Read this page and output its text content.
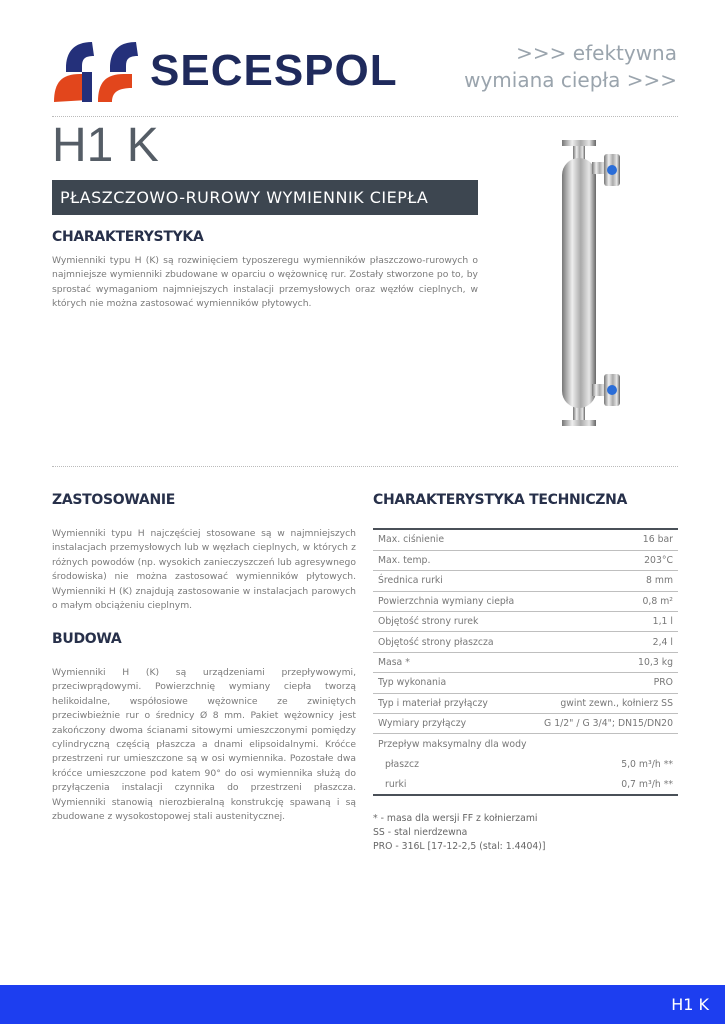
SECESPOL	>>> efektywna
wymiana ciepła >>>
H1 K
PŁASZCZOWO-RUROWY WYMIENNIK CIEPŁA
CHARAKTERYSTYKA
Wymienniki typu H (K) są rozwinięciem typoszeregu wymienników płaszczowo-rurowych o najmniejsze wymienniki zbudowane w oparciu o wężownicę rur. Zostały stworzone po to, by sprostać wymaganiom najmniejszych instalacji przemysłowych oraz węzłów cieplnych, w których nie można zastosować wymienników płytowych.
ZASTOSOWANIE
Wymienniki typu H najczęściej stosowane są w najmniejszych instalacjach przemysłowych lub w węzłach cieplnych, w których z różnych powodów (np. wysokich zanieczyszczeń lub agresywnego środowiska) nie można zastosować wymienników płytowych. Wymienniki H (K) znajdują zastosowanie w instalacjach parowych o małym obciążeniu cieplnym.
BUDOWA
Wymienniki H (K) są urządzeniami przepływowymi, przeciwprądowymi. Powierzchnię wymiany ciepła tworzą helikoidalne, współosiowe wężownice ze zwiniętych przeciwbieżnie rur o średnicy Ø 8 mm. Pakiet wężownicy jest zakończony dwoma ścianami sitowymi umieszczonymi pomiędzy cylindryczną częścią płaszcza a dnami elipsoidalnymi. Króćce przestrzeni rur umieszczone są w osi wymiennika. Pozostałe dwa króćce umieszczone pod katem 90° do osi wymiennika służą do przyłączenia instalacji czynnika do przestrzeni płaszcza. Wymienniki stanowią nierozbieralną konstrukcję spawaną i są zbudowane z wysokostopowej stali austenitycznej.
CHARAKTERYSTYKA TECHNICZNA
Max. ciśnienie	16 bar
Max. temp.	203°C
Średnica rurki	8 mm
Powierzchnia wymiany ciepła	0,8 m²
Objętość strony rurek	1,1 l
Objętość strony płaszcza	2,4 l
Masa *	10,3 kg
Typ wykonania	PRO
Typ i materiał przyłączy	gwint zewn., kołnierz SS
Wymiary przyłączy	G 1/2" / G 3/4"; DN15/DN20
Przepływ maksymalny dla wody	
płaszcz	5,0 m³/h **
rurki	0,7 m³/h **
* - masa dla wersji FF z kołnierzami
SS - stal nierdzewna
PRO - 316L [17-12-2,5 (stal: 1.4404)]
H1 K
